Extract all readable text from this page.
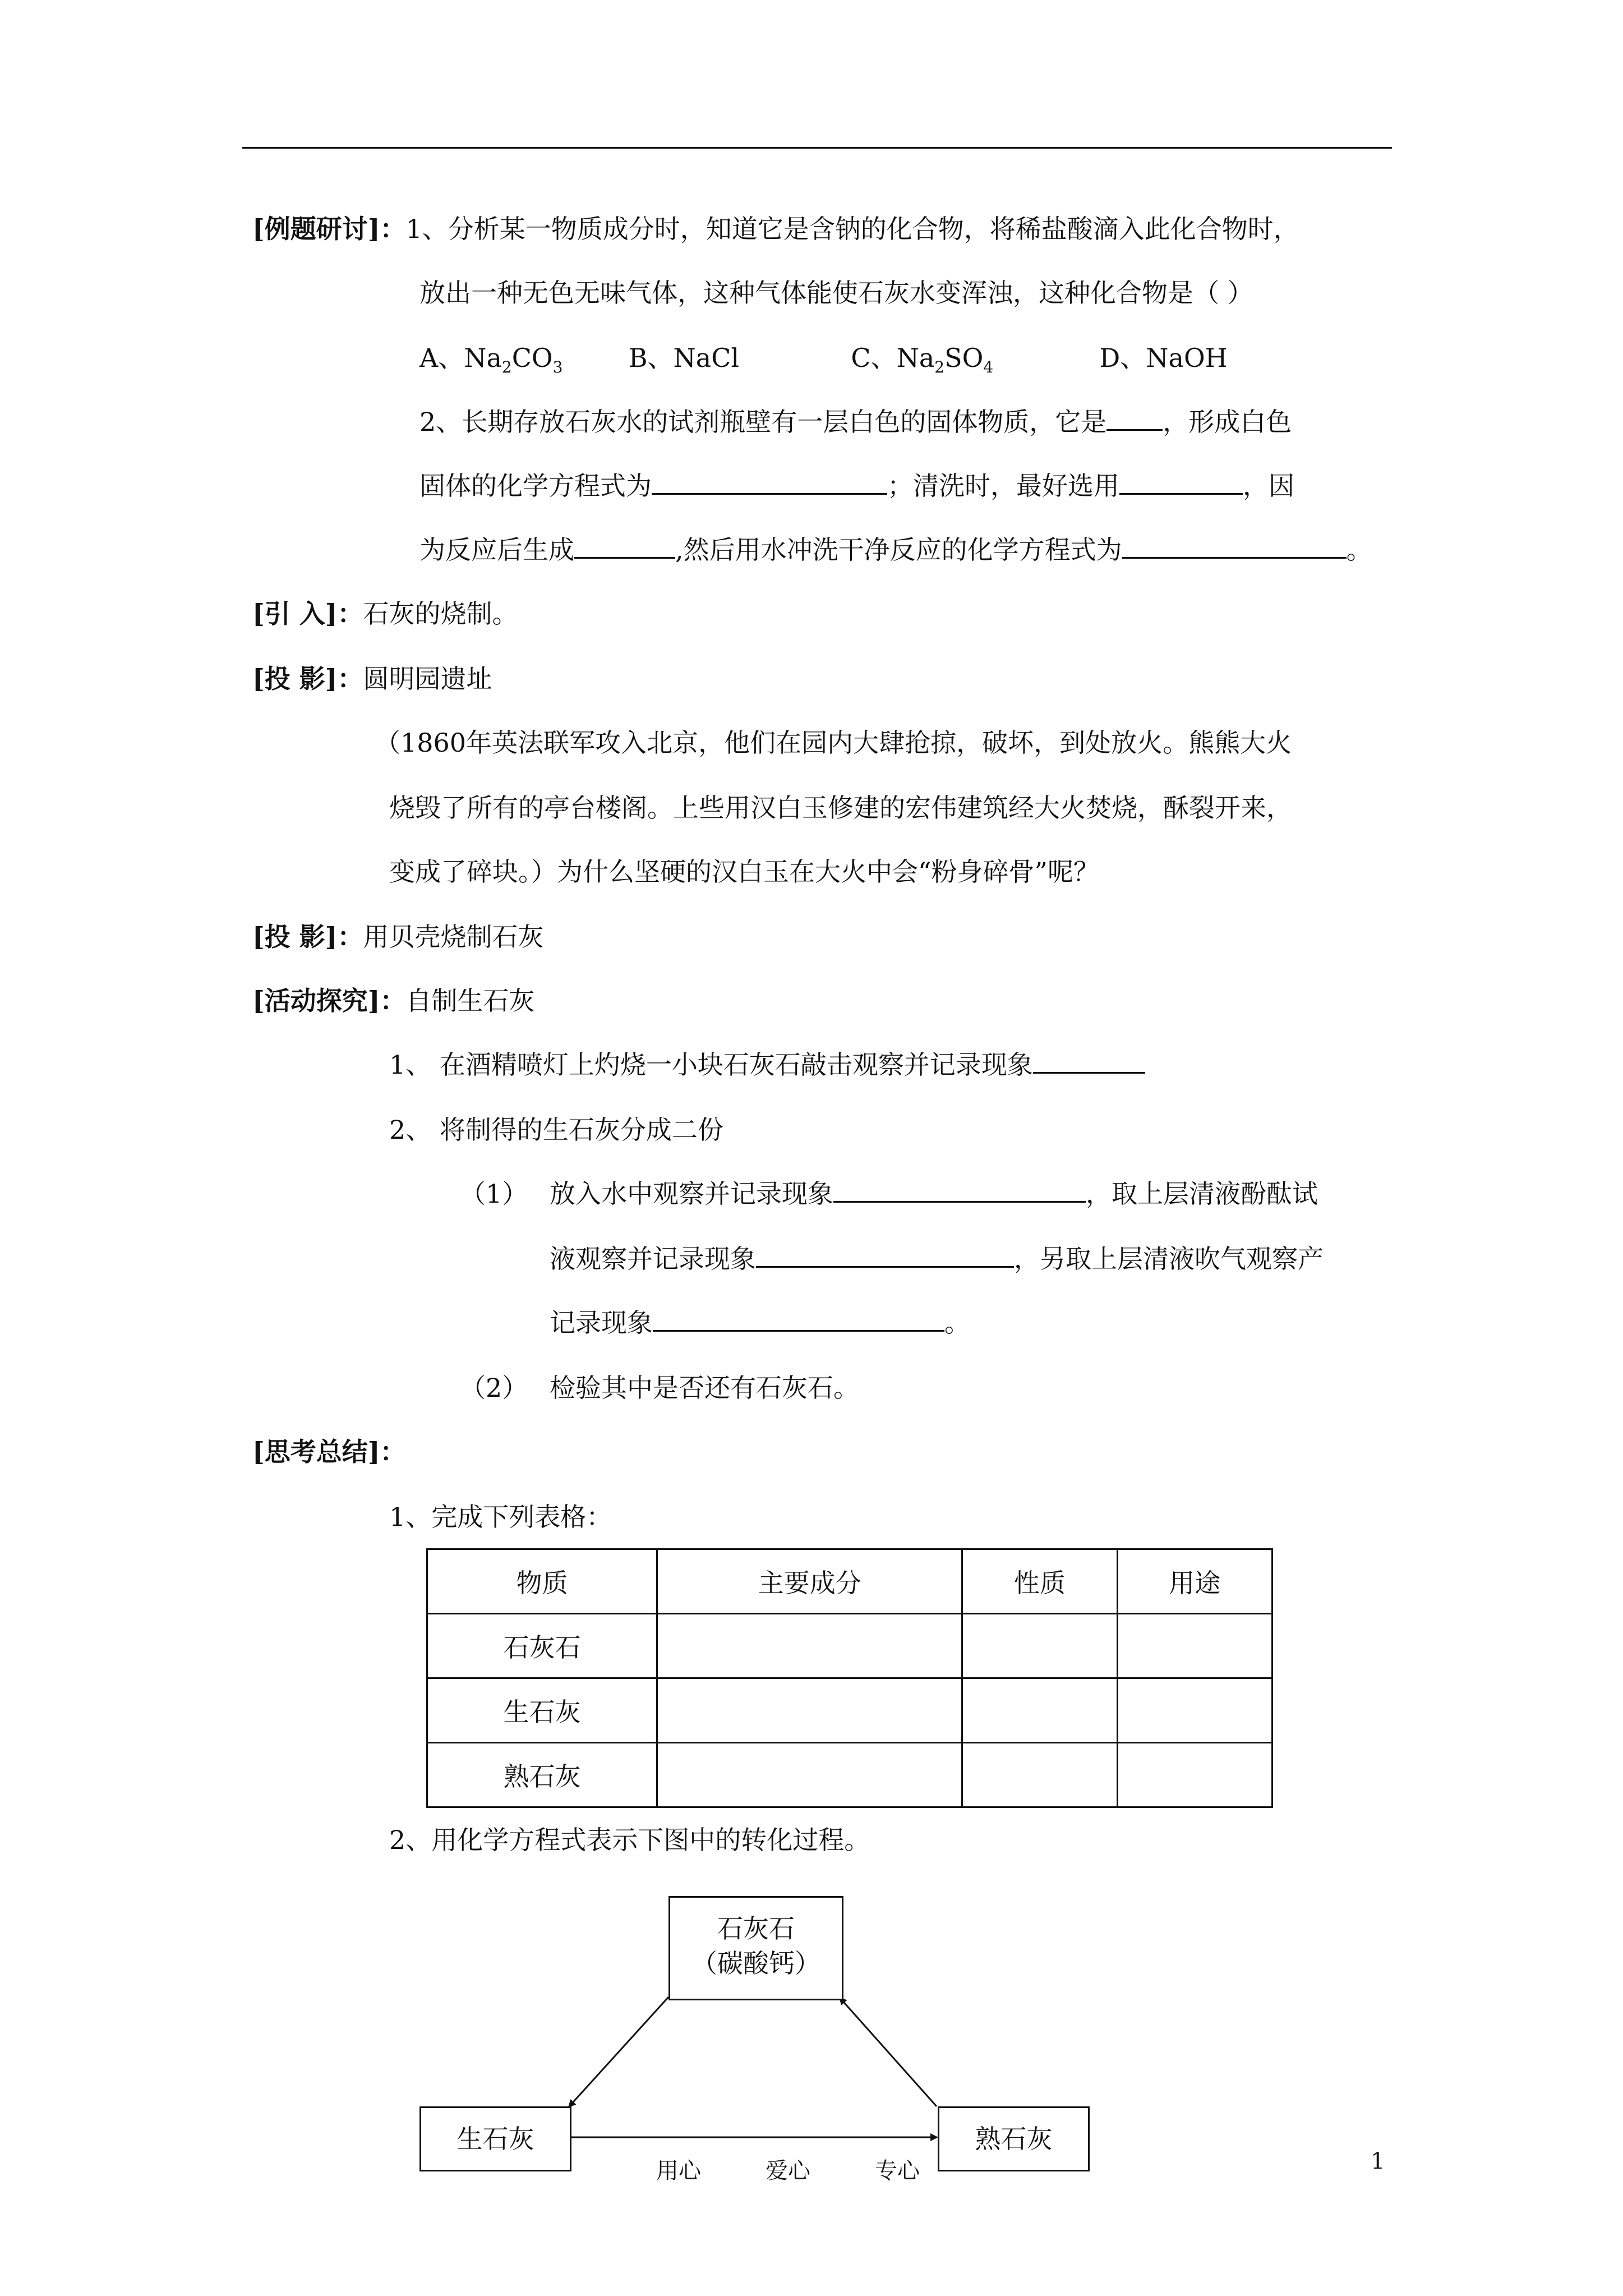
[例题研讨]：1、分析某一物质成分时，知道它是含钠的化合物，将稀盐酸滴入此化合物时，
放出一种无色无味气体，这种气体能使石灰水变浑浊，这种化合物是（ ）
A、$Na_2CO_3$	B、NaCl	C、$Na_2SO_4$	D、NaOH
2、长期存放石灰水的试剂瓶壁有一层白色的固体物质，它是 ，形成白色
固体的化学方程式为	；清洗时，最好选用	，因
为反应后生成	,然后用水冲洗干净反应的化学方程式为	。
[引 入]：石灰的烧制。
[投 影]：圆明园遗址
（1860年英法联军攻入北京，他们在园内大肆抢掠，破坏，到处放火。熊熊大火
烧毁了所有的亭台楼阁。上些用汉白玉修建的宏伟建筑经大火焚烧，酥裂开来，
变成了碎块。）为什么坚硬的汉白玉在大火中会“粉身碎骨”呢？
[投 影]：用贝壳烧制石灰
[活动探究]：自制生石灰
1、 在酒精喷灯上灼烧一小块石灰石敲击观察并记录现象
2、 将制得的生石灰分成二份
（1） 放入水中观察并记录现象	，取上层清液酚酞试
液观察并记录现象	，另取上层清液吹气观察产
记录现象	。
（2） 检验其中是否还有石灰石。
[思考总结]：
1、完成下列表格：
物质	主要成分	性质	用途
石灰石			
生石灰			
熟石灰			
2、用化学方程式表示下图中的转化过程。
石灰石
（碳酸钙）
生石灰	熟石灰
用心	爱心	专心	1
